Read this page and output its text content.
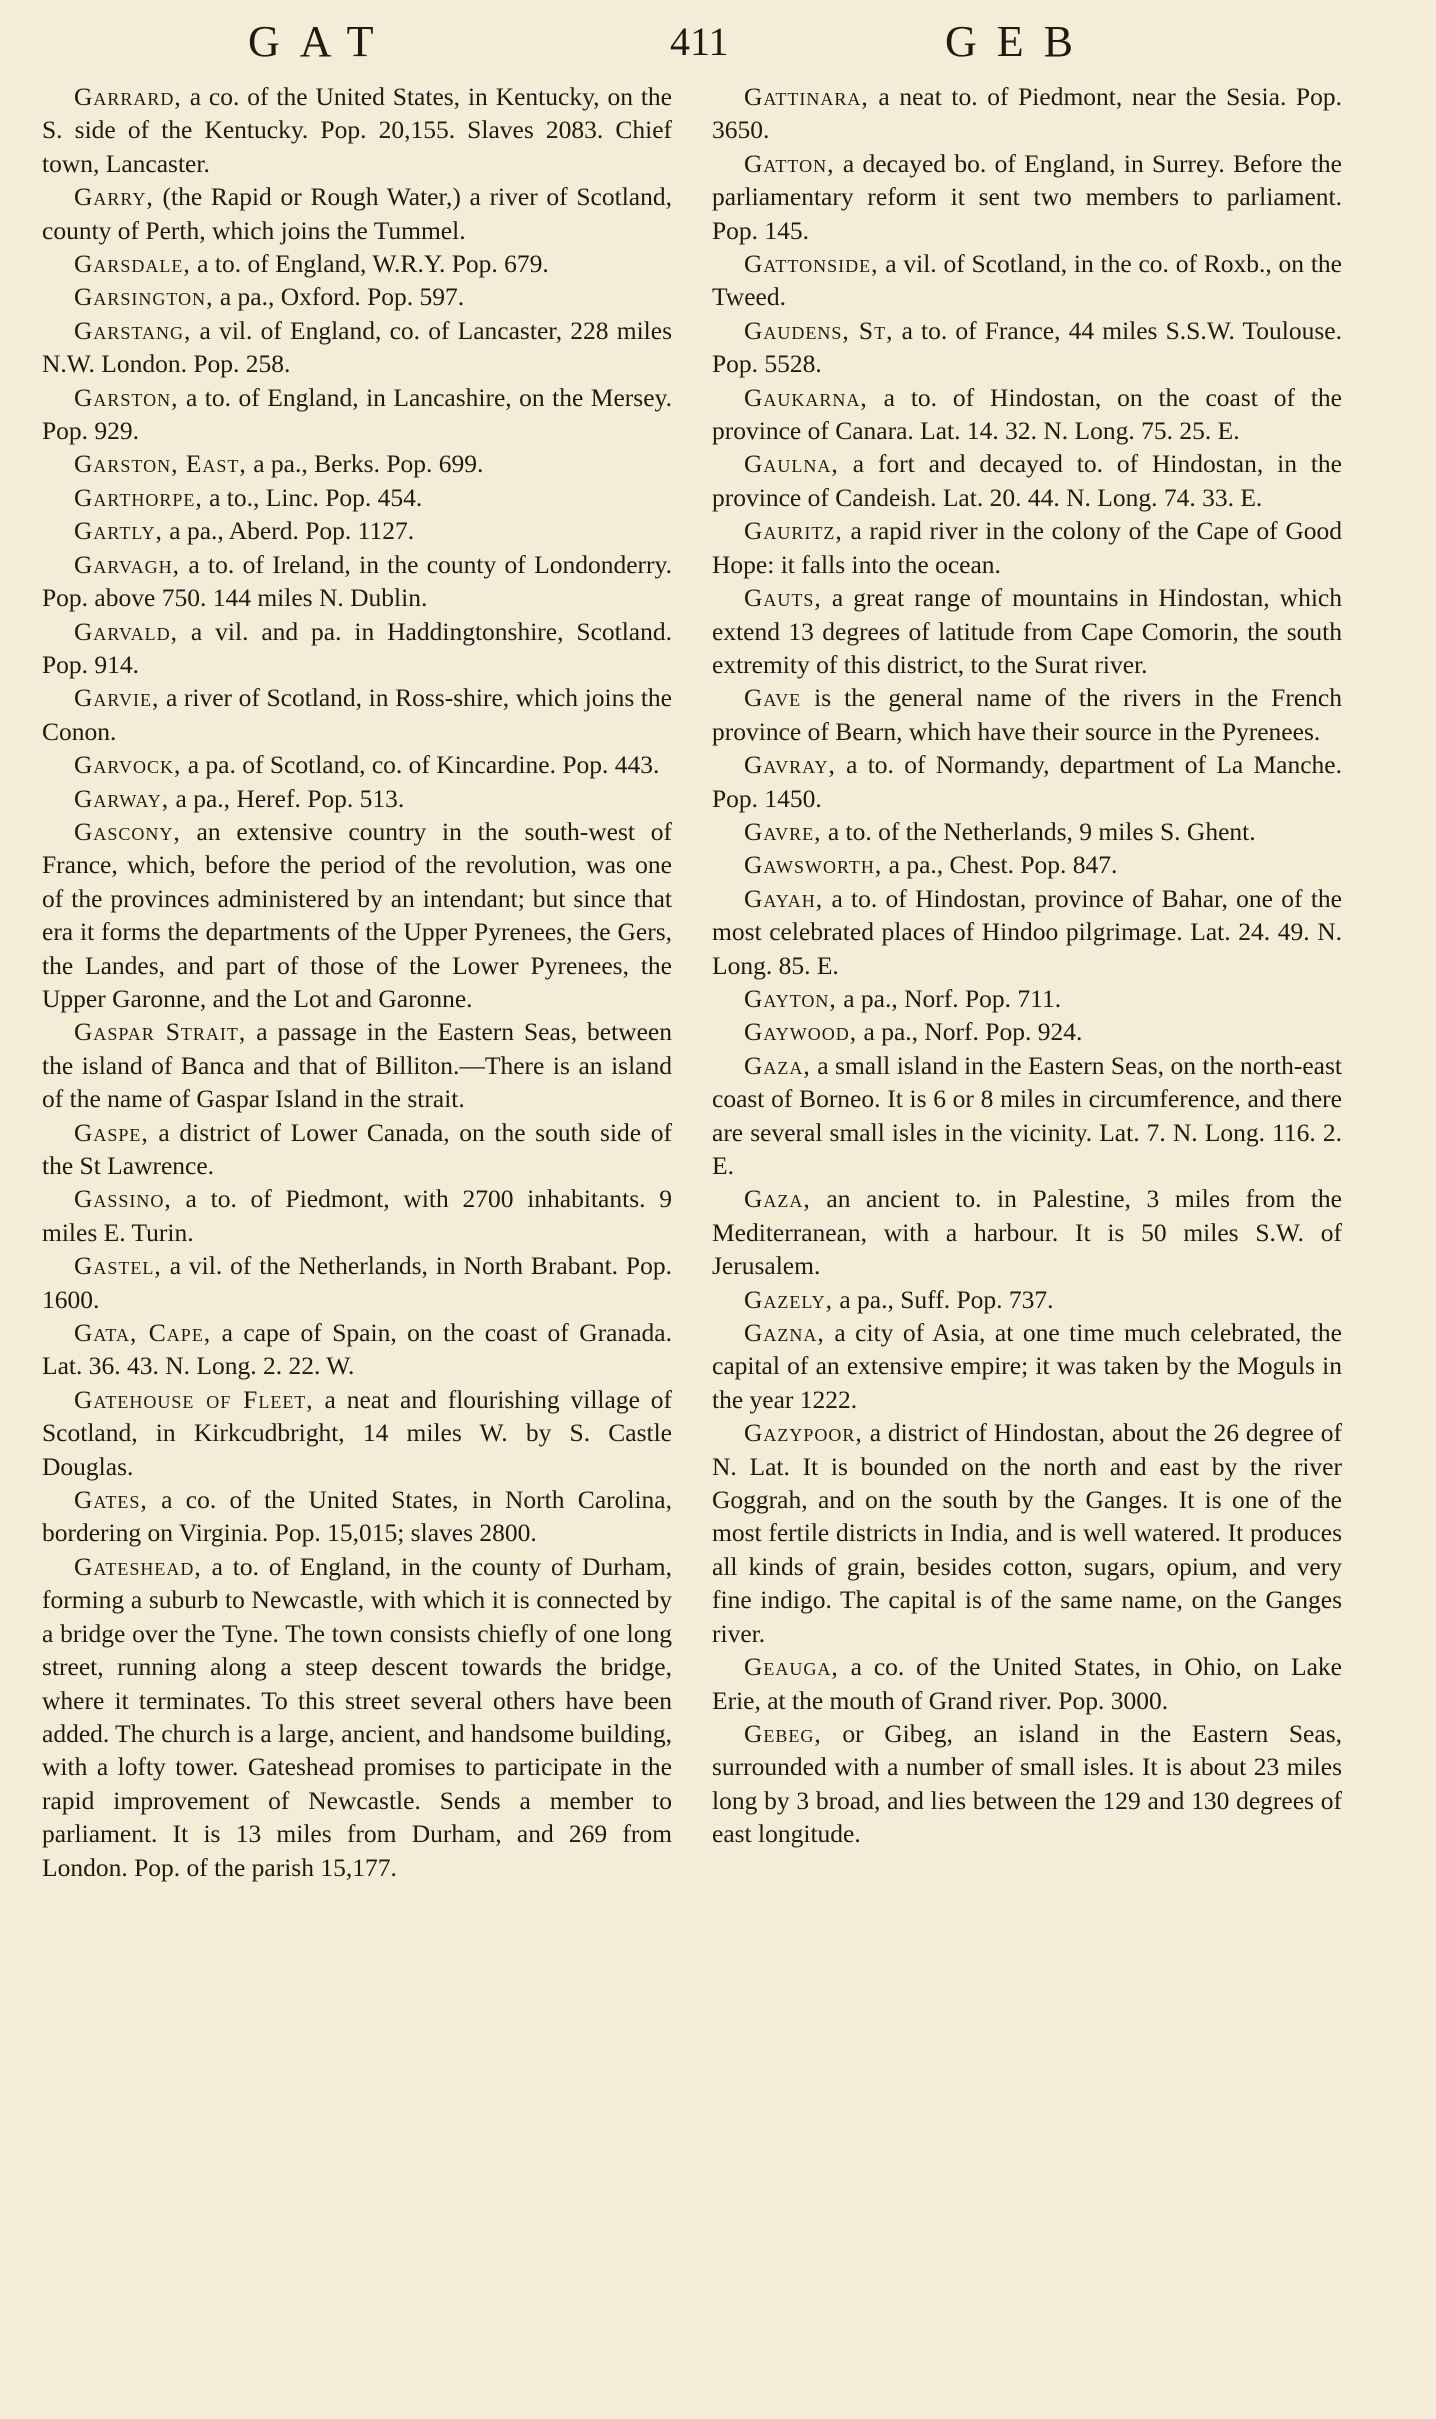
GAT	411	GEB

Garrard, a co. of the United States, in Kentucky, on the S. side of the Kentucky. Pop. 20,155. Slaves 2083. Chief town, Lancaster.

Garry, (the Rapid or Rough Water,) a river of Scotland, county of Perth, which joins the Tummel.

Garsdale, a to. of England, W.R.Y. Pop. 679.

Garsington, a pa., Oxford. Pop. 597.

Garstang, a vil. of England, co. of Lancaster, 228 miles N.W. London. Pop. 258.

Garston, a to. of England, in Lancashire, on the Mersey. Pop. 929.

Garston, East, a pa., Berks. Pop. 699.

Garthorpe, a to., Linc. Pop. 454.

Gartly, a pa., Aberd. Pop. 1127.

Garvagh, a to. of Ireland, in the county of Londonderry. Pop. above 750. 144 miles N. Dublin.

Garvald, a vil. and pa. in Haddingtonshire, Scotland. Pop. 914.

Garvie, a river of Scotland, in Ross-shire, which joins the Conon.

Garvock, a pa. of Scotland, co. of Kincardine. Pop. 443.

Garway, a pa., Heref. Pop. 513.

Gascony, an extensive country in the south-west of France, which, before the period of the revolution, was one of the provinces administered by an intendant; but since that era it forms the departments of the Upper Pyrenees, the Gers, the Landes, and part of those of the Lower Pyrenees, the Upper Garonne, and the Lot and Garonne.

Gaspar Strait, a passage in the Eastern Seas, between the island of Banca and that of Billiton.—There is an island of the name of Gaspar Island in the strait.

Gaspe, a district of Lower Canada, on the south side of the St Lawrence.

Gassino, a to. of Piedmont, with 2700 inhabitants. 9 miles E. Turin.

Gastel, a vil. of the Netherlands, in North Brabant. Pop. 1600.

Gata, Cape, a cape of Spain, on the coast of Granada. Lat. 36. 43. N. Long. 2. 22. W.

Gatehouse of Fleet, a neat and flourishing village of Scotland, in Kirkcudbright, 14 miles W. by S. Castle Douglas.

Gates, a co. of the United States, in North Carolina, bordering on Virginia. Pop. 15,015; slaves 2800.

Gateshead, a to. of England, in the county of Durham, forming a suburb to Newcastle, with which it is connected by a bridge over the Tyne. The town consists chiefly of one long street, running along a steep descent towards the bridge, where it terminates. To this street several others have been added. The church is a large, ancient, and handsome building, with a lofty tower. Gateshead promises to participate in the rapid improvement of Newcastle. Sends a member to parliament. It is 13 miles from Durham, and 269 from London. Pop. of the parish 15,177.

Gattinara, a neat to. of Piedmont, near the Sesia. Pop. 3650.

Gatton, a decayed bo. of England, in Surrey. Before the parliamentary reform it sent two members to parliament. Pop. 145.

Gattonside, a vil. of Scotland, in the co. of Roxb., on the Tweed.

Gaudens, St, a to. of France, 44 miles S.S.W. Toulouse. Pop. 5528.

Gaukarna, a to. of Hindostan, on the coast of the province of Canara. Lat. 14. 32. N. Long. 75. 25. E.

Gaulna, a fort and decayed to. of Hindostan, in the province of Candeish. Lat. 20. 44. N. Long. 74. 33. E.

Gauritz, a rapid river in the colony of the Cape of Good Hope: it falls into the ocean.

Gauts, a great range of mountains in Hindostan, which extend 13 degrees of latitude from Cape Comorin, the south extremity of this district, to the Surat river.

Gave is the general name of the rivers in the French province of Bearn, which have their source in the Pyrenees.

Gavray, a to. of Normandy, department of La Manche. Pop. 1450.

Gavre, a to. of the Netherlands, 9 miles S. Ghent.

Gawsworth, a pa., Chest. Pop. 847.

Gayah, a to. of Hindostan, province of Bahar, one of the most celebrated places of Hindoo pilgrimage. Lat. 24. 49. N. Long. 85. E.

Gayton, a pa., Norf. Pop. 711.

Gaywood, a pa., Norf. Pop. 924.

Gaza, a small island in the Eastern Seas, on the north-east coast of Borneo. It is 6 or 8 miles in circumference, and there are several small isles in the vicinity. Lat. 7. N. Long. 116. 2. E.

Gaza, an ancient to. in Palestine, 3 miles from the Mediterranean, with a harbour. It is 50 miles S.W. of Jerusalem.

Gazely, a pa., Suff. Pop. 737.

Gazna, a city of Asia, at one time much celebrated, the capital of an extensive empire; it was taken by the Moguls in the year 1222.

Gazypoor, a district of Hindostan, about the 26 degree of N. Lat. It is bounded on the north and east by the river Goggrah, and on the south by the Ganges. It is one of the most fertile districts in India, and is well watered. It produces all kinds of grain, besides cotton, sugars, opium, and very fine indigo. The capital is of the same name, on the Ganges river.

Geauga, a co. of the United States, in Ohio, on Lake Erie, at the mouth of Grand river. Pop. 3000.

Gebeg, or Gibeg, an island in the Eastern Seas, surrounded with a number of small isles. It is about 23 miles long by 3 broad, and lies between the 129 and 130 degrees of east longitude.
